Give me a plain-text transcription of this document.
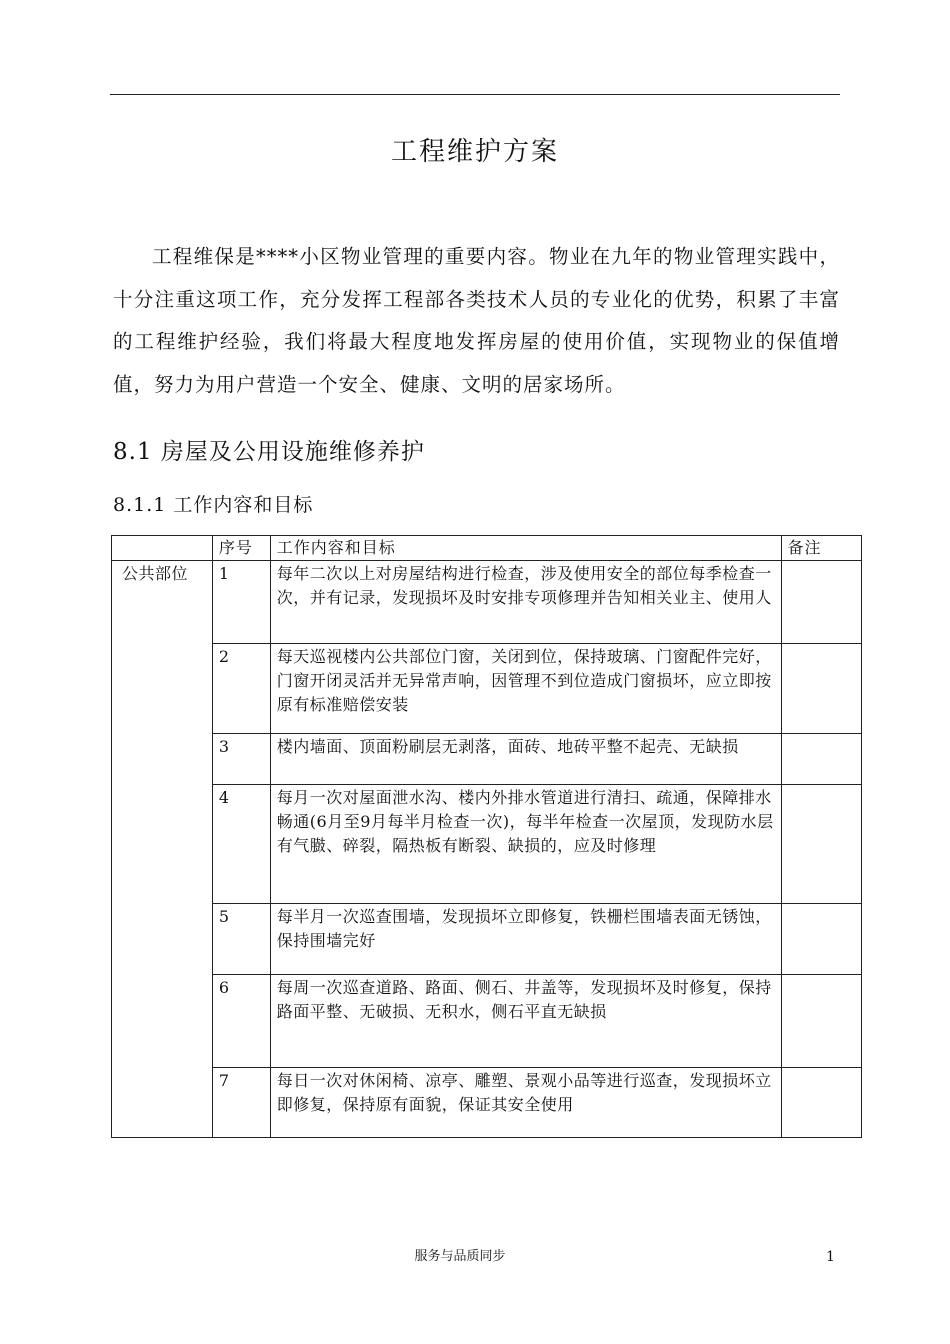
工程维护方案

工程维保是****小区物业管理的重要内容。物业在九年的物业管理实践中，十分注重这项工作，充分发挥工程部各类技术人员的专业化的优势，积累了丰富的工程维护经验，我们将最大程度地发挥房屋的使用价值，实现物业的保值增值，努力为用户营造一个安全、健康、文明的居家场所。

8.1 房屋及公用设施维修养护
8.1.1 工作内容和目标
	序号	工作内容和目标	备注
公共部位	1	每年二次以上对房屋结构进行检查，涉及使用安全的部位每季检查一次，并有记录，发现损坏及时安排专项修理并告知相关业主、使用人	
	2	每天巡视楼内公共部位门窗，关闭到位，保持玻璃、门窗配件完好，门窗开闭灵活并无异常声响，因管理不到位造成门窗损坏，应立即按原有标准赔偿安装	
	3	楼内墙面、顶面粉刷层无剥落，面砖、地砖平整不起壳、无缺损	
	4	每月一次对屋面泄水沟、楼内外排水管道进行清扫、疏通，保障排水畅通(6月至9月每半月检查一次)，每半年检查一次屋顶，发现防水层有气臌、碎裂，隔热板有断裂、缺损的，应及时修理	
	5	每半月一次巡查围墙，发现损坏立即修复，铁栅栏围墙表面无锈蚀，保持围墙完好	
	6	每周一次巡查道路、路面、侧石、井盖等，发现损坏及时修复，保持路面平整、无破损、无积水，侧石平直无缺损	
	7	每日一次对休闲椅、凉亭、雕塑、景观小品等进行巡查，发现损坏立即修复，保持原有面貌，保证其安全使用	
服务与品质同步	1
